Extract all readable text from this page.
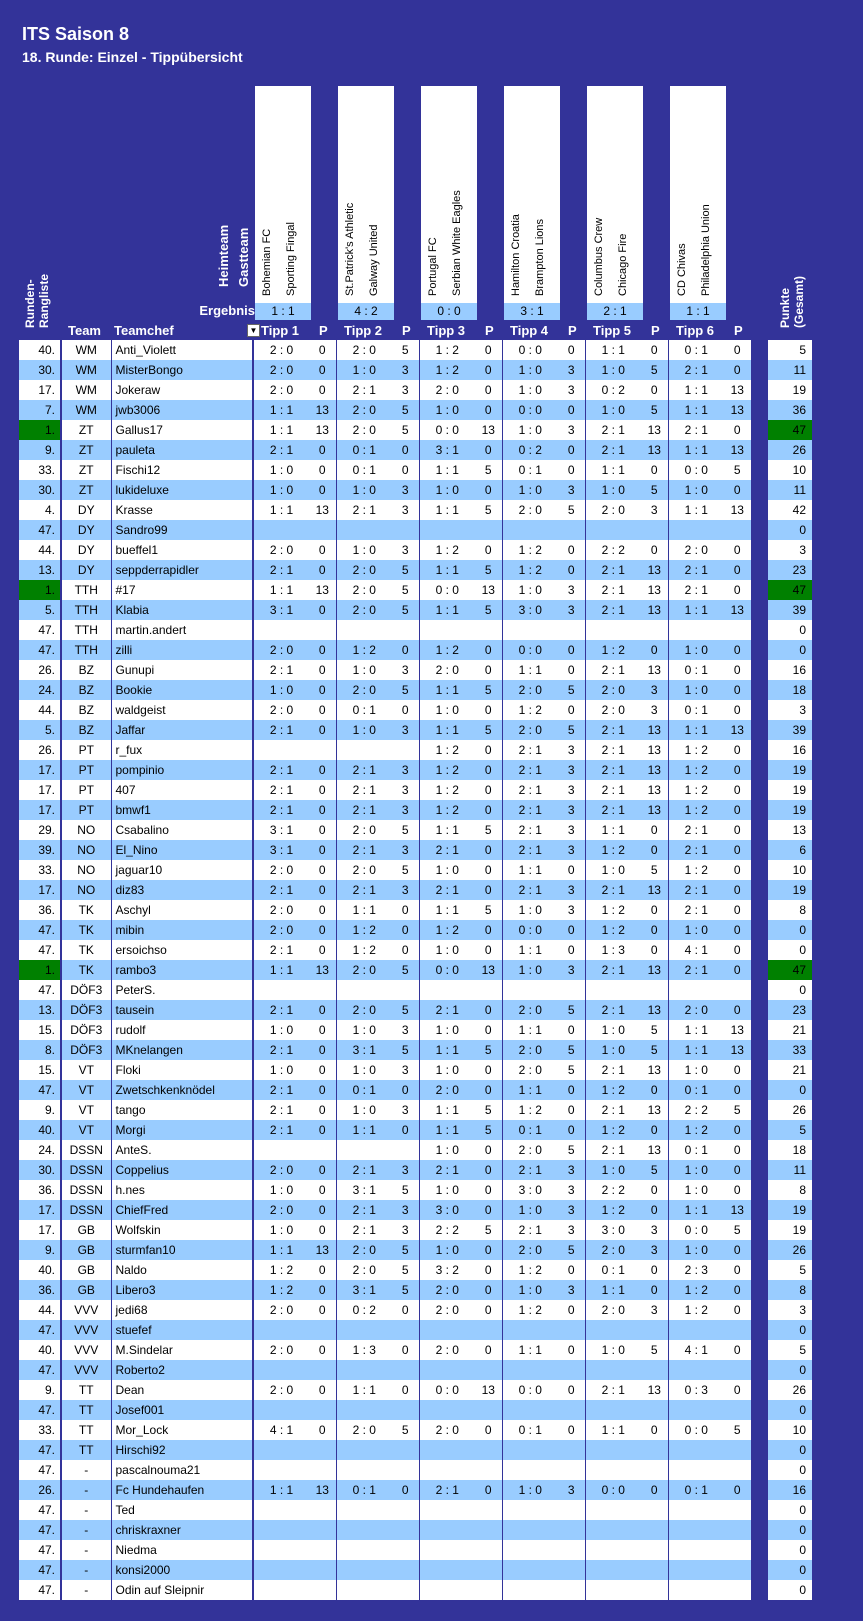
ITS Saison 8
18. Runde: Einzel - Tippübersicht
Bohemian FC	Sporting Fingal
1 : 1
St.Patrick's Athletic	Galway United
4 : 2
Portugal FC	Serbian White Eagles
0 : 0
Hamilton Croatia	Brampton Lions
3 : 1
Columbus Crew	Chicago Fire
2 : 1
CD Chivas	Philadelphia Union
1 : 1
Heimteam Gastteam
Ergebnis
Runden-Rangliste	Punkte (Gesamt)
Team Teamchef	▼ Tipp 1 P Tipp 2 P Tipp 3 P Tipp 4 P Tipp 5 P Tipp 6 P
40.	WM	Anti_Violett	2 : 0	0	2 : 0	5	1 : 2	0	0 : 0	0	1 : 1	0	0 : 1	0		5
30.	WM	MisterBongo	2 : 0	0	1 : 0	3	1 : 2	0	1 : 0	3	1 : 0	5	2 : 1	0		11
17.	WM	Jokeraw	2 : 0	0	2 : 1	3	2 : 0	0	1 : 0	3	0 : 2	0	1 : 1	13		19
7.	WM	jwb3006	1 : 1	13	2 : 0	5	1 : 0	0	0 : 0	0	1 : 0	5	1 : 1	13		36
1.	ZT	Gallus17	1 : 1	13	2 : 0	5	0 : 0	13	1 : 0	3	2 : 1	13	2 : 1	0		47
9.	ZT	pauleta	2 : 1	0	0 : 1	0	3 : 1	0	0 : 2	0	2 : 1	13	1 : 1	13		26
33.	ZT	Fischi12	1 : 0	0	0 : 1	0	1 : 1	5	0 : 1	0	1 : 1	0	0 : 0	5		10
30.	ZT	lukideluxe	1 : 0	0	1 : 0	3	1 : 0	0	1 : 0	3	1 : 0	5	1 : 0	0		11
4.	DY	Krasse	1 : 1	13	2 : 1	3	1 : 1	5	2 : 0	5	2 : 0	3	1 : 1	13		42
47.	DY	Sandro99														0
44.	DY	bueffel1	2 : 0	0	1 : 0	3	1 : 2	0	1 : 2	0	2 : 2	0	2 : 0	0		3
13.	DY	seppderrapidler	2 : 1	0	2 : 0	5	1 : 1	5	1 : 2	0	2 : 1	13	2 : 1	0		23
1.	TTH	#17	1 : 1	13	2 : 0	5	0 : 0	13	1 : 0	3	2 : 1	13	2 : 1	0		47
5.	TTH	Klabia	3 : 1	0	2 : 0	5	1 : 1	5	3 : 0	3	2 : 1	13	1 : 1	13		39
47.	TTH	martin.andert														0
47.	TTH	zilli	2 : 0	0	1 : 2	0	1 : 2	0	0 : 0	0	1 : 2	0	1 : 0	0		0
26.	BZ	Gunupi	2 : 1	0	1 : 0	3	2 : 0	0	1 : 1	0	2 : 1	13	0 : 1	0		16
24.	BZ	Bookie	1 : 0	0	2 : 0	5	1 : 1	5	2 : 0	5	2 : 0	3	1 : 0	0		18
44.	BZ	waldgeist	2 : 0	0	0 : 1	0	1 : 0	0	1 : 2	0	2 : 0	3	0 : 1	0		3
5.	BZ	Jaffar	2 : 1	0	1 : 0	3	1 : 1	5	2 : 0	5	2 : 1	13	1 : 1	13		39
26.	PT	r_fux					1 : 2	0	2 : 1	3	2 : 1	13	1 : 2	0		16
17.	PT	pompinio	2 : 1	0	2 : 1	3	1 : 2	0	2 : 1	3	2 : 1	13	1 : 2	0		19
17.	PT	407	2 : 1	0	2 : 1	3	1 : 2	0	2 : 1	3	2 : 1	13	1 : 2	0		19
17.	PT	bmwf1	2 : 1	0	2 : 1	3	1 : 2	0	2 : 1	3	2 : 1	13	1 : 2	0		19
29.	NO	Csabalino	3 : 1	0	2 : 0	5	1 : 1	5	2 : 1	3	1 : 1	0	2 : 1	0		13
39.	NO	El_Nino	3 : 1	0	2 : 1	3	2 : 1	0	2 : 1	3	1 : 2	0	2 : 1	0		6
33.	NO	jaguar10	2 : 0	0	2 : 0	5	1 : 0	0	1 : 1	0	1 : 0	5	1 : 2	0		10
17.	NO	diz83	2 : 1	0	2 : 1	3	2 : 1	0	2 : 1	3	2 : 1	13	2 : 1	0		19
36.	TK	Aschyl	2 : 0	0	1 : 1	0	1 : 1	5	1 : 0	3	1 : 2	0	2 : 1	0		8
47.	TK	mibin	2 : 0	0	1 : 2	0	1 : 2	0	0 : 0	0	1 : 2	0	1 : 0	0		0
47.	TK	ersoichso	2 : 1	0	1 : 2	0	1 : 0	0	1 : 1	0	1 : 3	0	4 : 1	0		0
1.	TK	rambo3	1 : 1	13	2 : 0	5	0 : 0	13	1 : 0	3	2 : 1	13	2 : 1	0		47
47.	DÖF3	PeterS.														0
13.	DÖF3	tausein	2 : 1	0	2 : 0	5	2 : 1	0	2 : 0	5	2 : 1	13	2 : 0	0		23
15.	DÖF3	rudolf	1 : 0	0	1 : 0	3	1 : 0	0	1 : 1	0	1 : 0	5	1 : 1	13		21
8.	DÖF3	MKnelangen	2 : 1	0	3 : 1	5	1 : 1	5	2 : 0	5	1 : 0	5	1 : 1	13		33
15.	VT	Floki	1 : 0	0	1 : 0	3	1 : 0	0	2 : 0	5	2 : 1	13	1 : 0	0		21
47.	VT	Zwetschkenknödel	2 : 1	0	0 : 1	0	2 : 0	0	1 : 1	0	1 : 2	0	0 : 1	0		0
9.	VT	tango	2 : 1	0	1 : 0	3	1 : 1	5	1 : 2	0	2 : 1	13	2 : 2	5		26
40.	VT	Morgi	2 : 1	0	1 : 1	0	1 : 1	5	0 : 1	0	1 : 2	0	1 : 2	0		5
24.	DSSN	AnteS.					1 : 0	0	2 : 0	5	2 : 1	13	0 : 1	0		18
30.	DSSN	Coppelius	2 : 0	0	2 : 1	3	2 : 1	0	2 : 1	3	1 : 0	5	1 : 0	0		11
36.	DSSN	h.nes	1 : 0	0	3 : 1	5	1 : 0	0	3 : 0	3	2 : 2	0	1 : 0	0		8
17.	DSSN	ChiefFred	2 : 0	0	2 : 1	3	3 : 0	0	1 : 0	3	1 : 2	0	1 : 1	13		19
17.	GB	Wolfskin	1 : 0	0	2 : 1	3	2 : 2	5	2 : 1	3	3 : 0	3	0 : 0	5		19
9.	GB	sturmfan10	1 : 1	13	2 : 0	5	1 : 0	0	2 : 0	5	2 : 0	3	1 : 0	0		26
40.	GB	Naldo	1 : 2	0	2 : 0	5	3 : 2	0	1 : 2	0	0 : 1	0	2 : 3	0		5
36.	GB	Libero3	1 : 2	0	3 : 1	5	2 : 0	0	1 : 0	3	1 : 1	0	1 : 2	0		8
44.	VVV	jedi68	2 : 0	0	0 : 2	0	2 : 0	0	1 : 2	0	2 : 0	3	1 : 2	0		3
47.	VVV	stuefef														0
40.	VVV	M.Sindelar	2 : 0	0	1 : 3	0	2 : 0	0	1 : 1	0	1 : 0	5	4 : 1	0		5
47.	VVV	Roberto2														0
9.	TT	Dean	2 : 0	0	1 : 1	0	0 : 0	13	0 : 0	0	2 : 1	13	0 : 3	0		26
47.	TT	Josef001														0
33.	TT	Mor_Lock	4 : 1	0	2 : 0	5	2 : 0	0	0 : 1	0	1 : 1	0	0 : 0	5		10
47.	TT	Hirschi92														0
47.	-	pascalnouma21														0
26.	-	Fc Hundehaufen	1 : 1	13	0 : 1	0	2 : 1	0	1 : 0	3	0 : 0	0	0 : 1	0		16
47.	-	Ted														0
47.	-	chriskraxner														0
47.	-	Niedma														0
47.	-	konsi2000														0
47.	-	Odin auf Sleipnir														0
